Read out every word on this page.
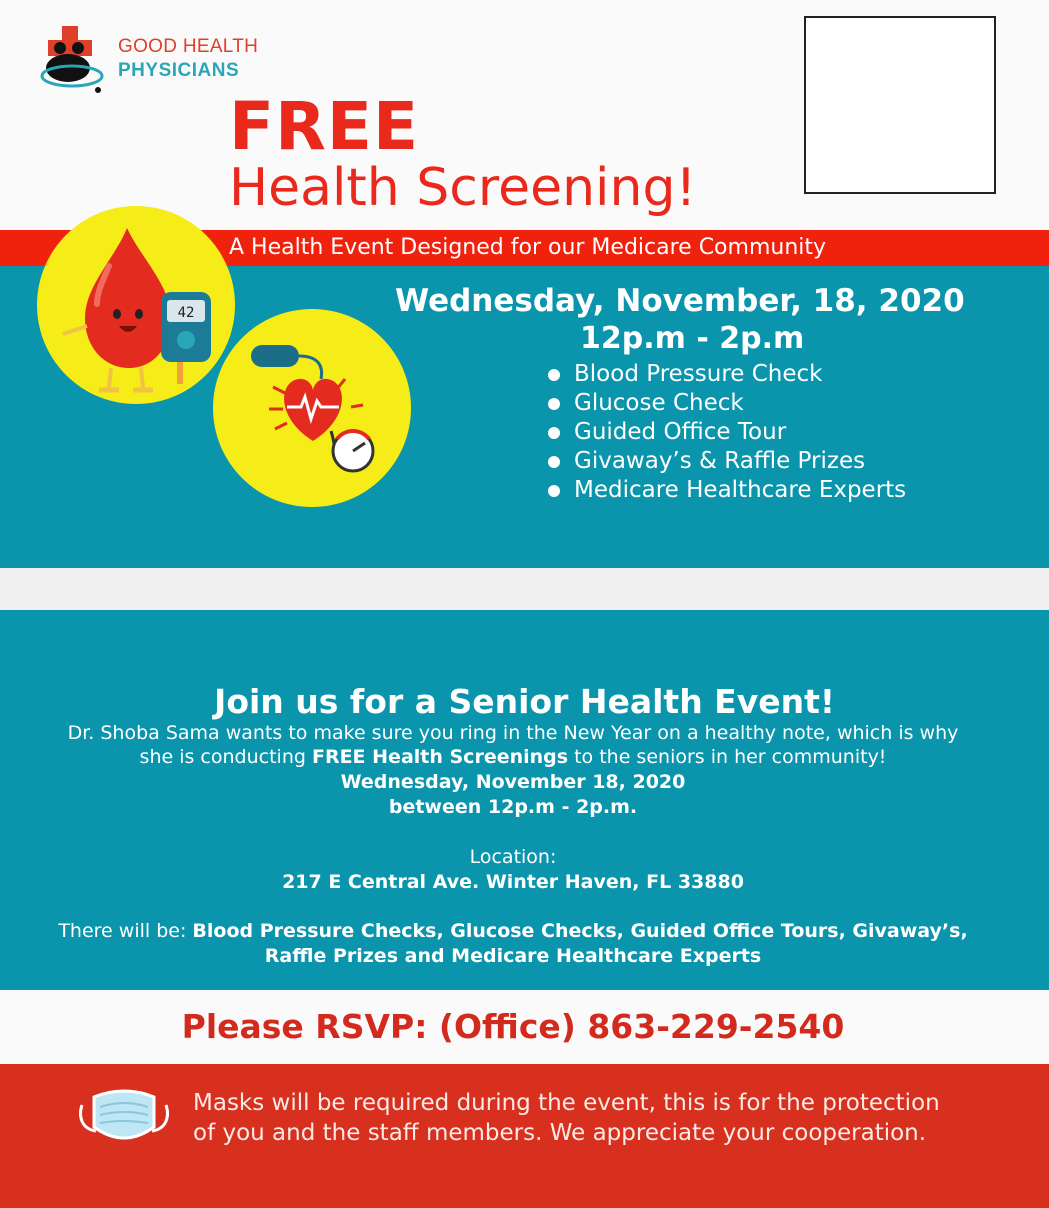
GOOD HEALTH
PHYSICIANS
FREE
Health Screening!
A Health Event Designed for our Medicare Community
42	Wednesday, November, 18, 2020
12p.m - 2p.m
Blood Pressure Check
Glucose Check
Guided Office Tour
Givaway’s & Raffle Prizes
Medicare Healthcare Experts
Join us for a Senior Health Event!
Dr. Shoba Sama wants to make sure you ring in the New Year on a healthy note, which is why
she is conducting FREE Health Screenings to the seniors in her community!
Wednesday, November 18, 2020
between 12p.m - 2p.m.
Location:
217 E Central Ave. Winter Haven, FL 33880
There will be: Blood Pressure Checks, Glucose Checks, Guided Office Tours, Givaway’s,
Raffle Prizes and Medicare Healthcare Experts
Please RSVP: (Office) 863-229-2540
Masks will be required during the event, this is for the protection
of you and the staff members. We appreciate your cooperation.
